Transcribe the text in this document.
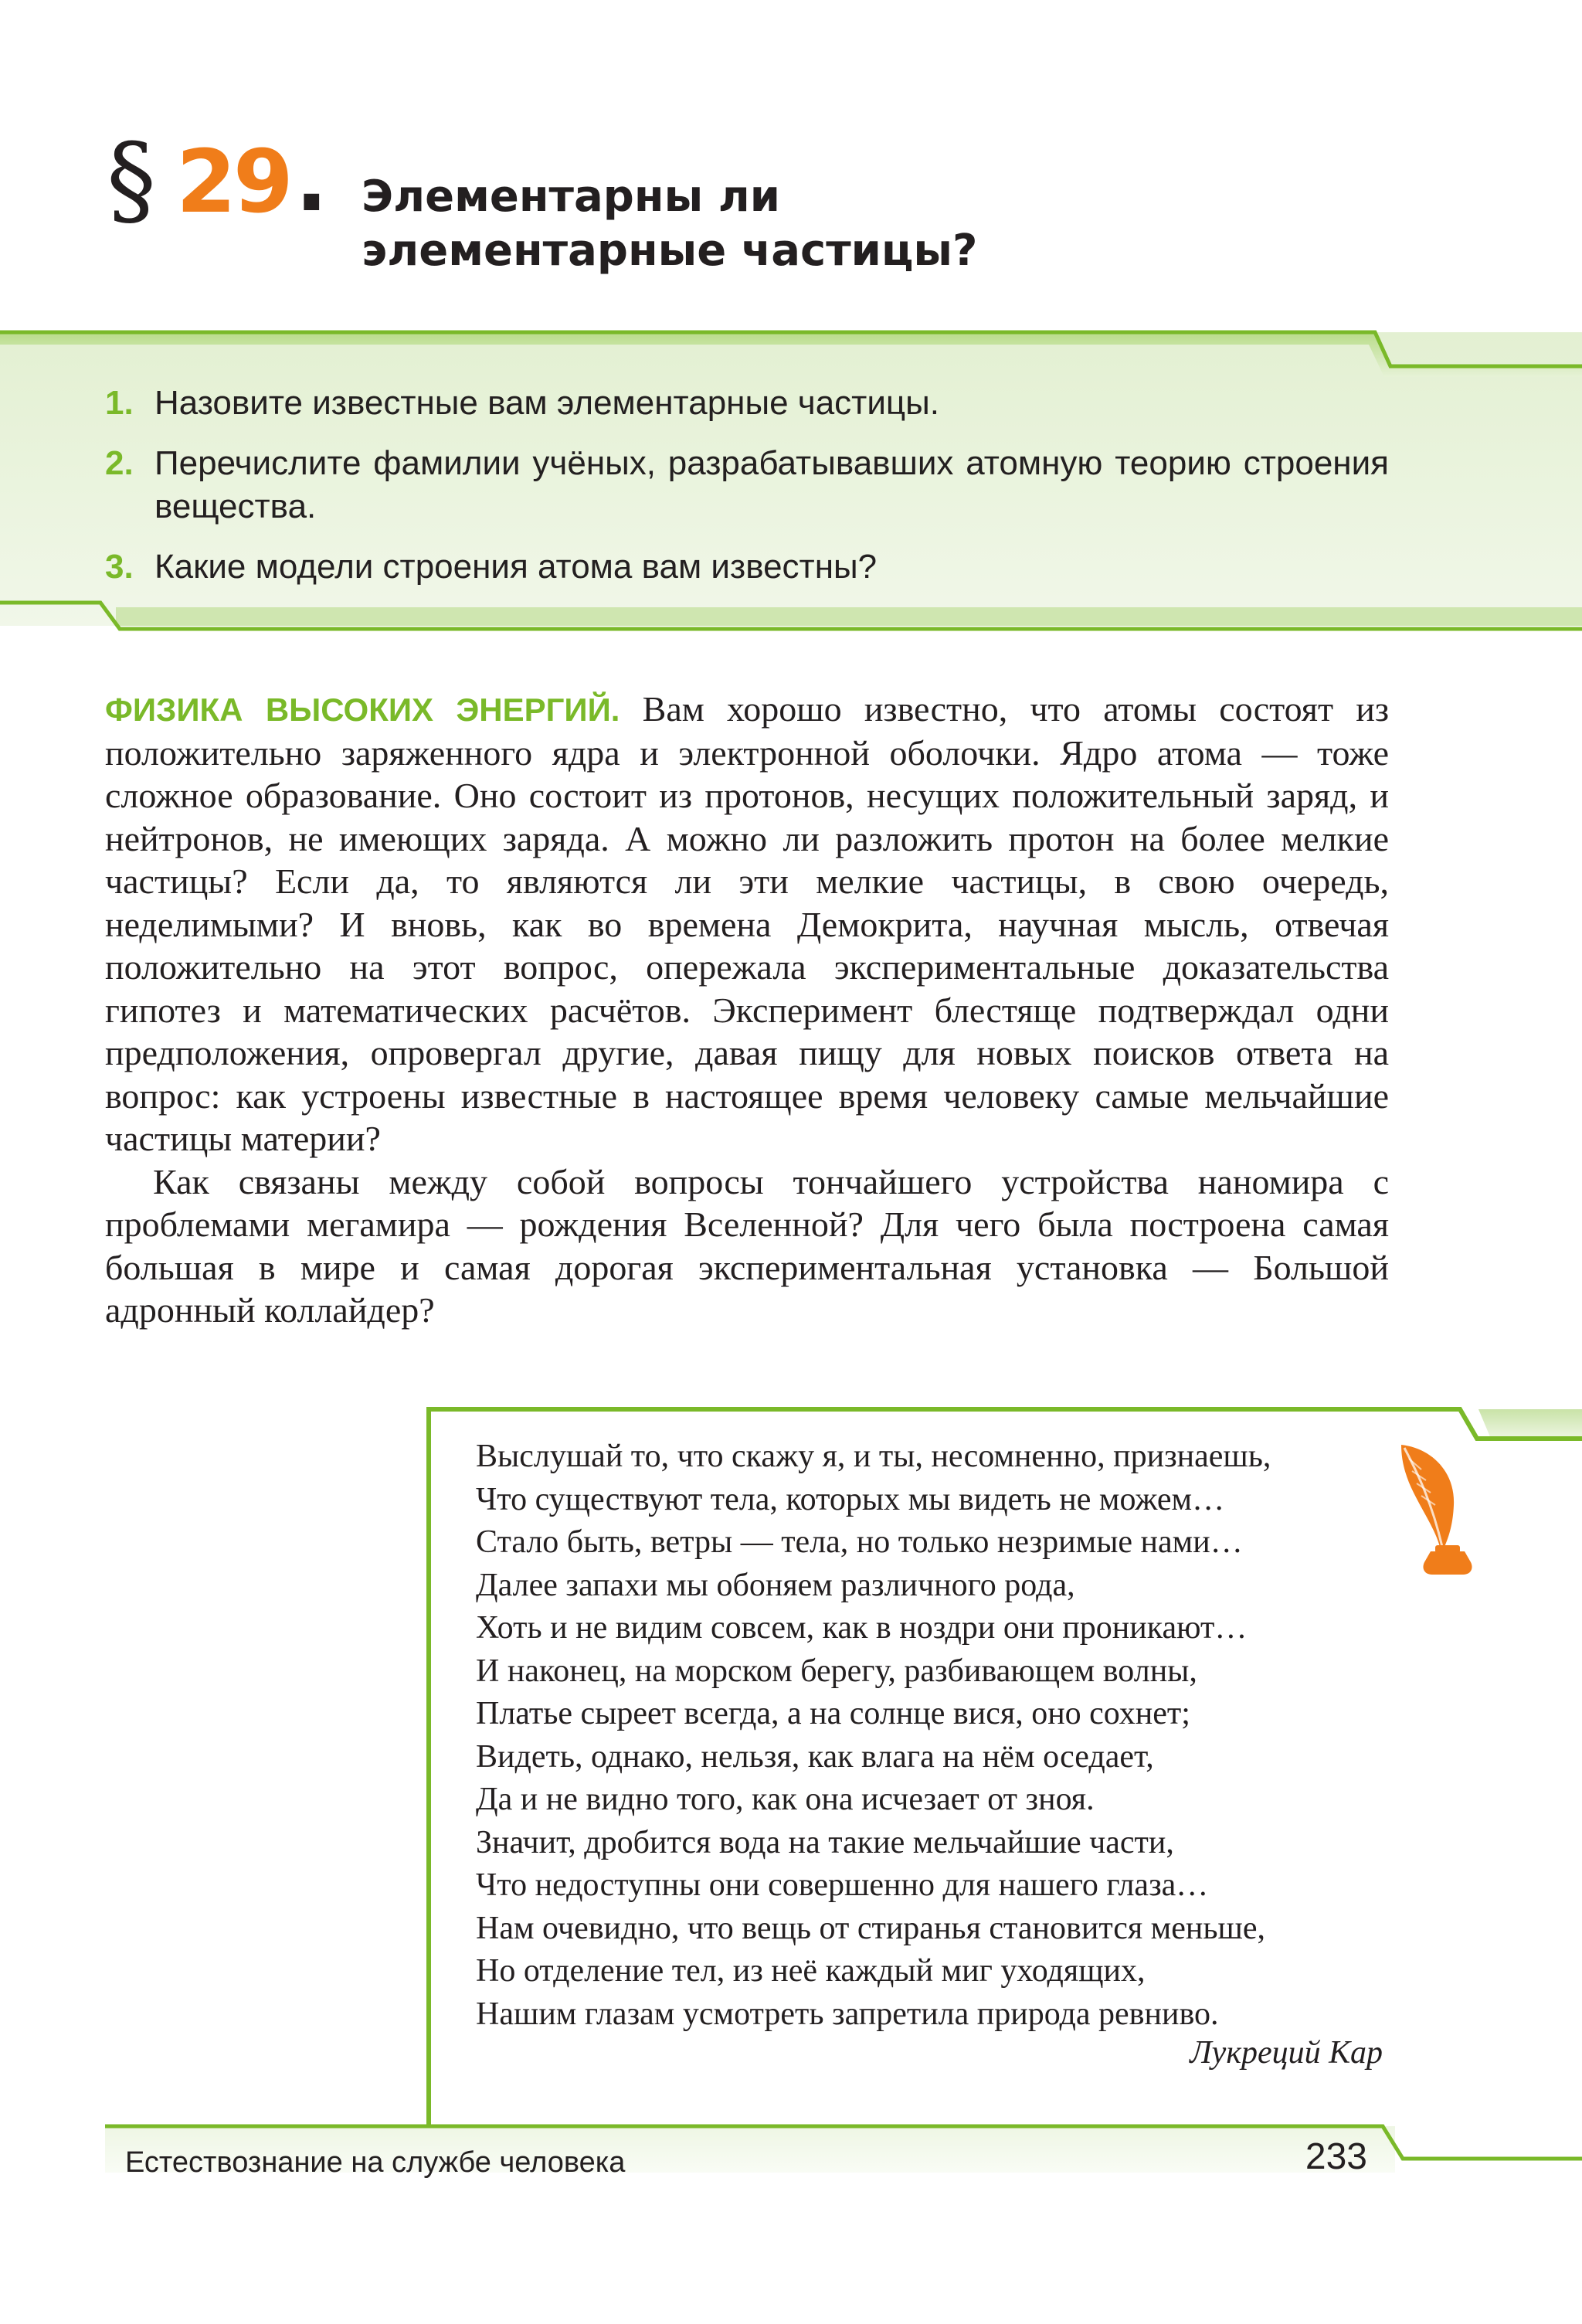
§ 29 . Элементарны ли
элементарные частицы?
1. Назовите известные вам элементарные частицы.
2. Перечислите фамилии учёных, разрабатывавших атомную теорию строения вещества.
3. Какие модели строения атома вам известны?

ФИЗИКА ВЫСОКИХ ЭНЕРГИЙ. Вам хорошо известно, что атомы состоят из положительно заряженного ядра и электронной оболочки. Ядро атома — тоже сложное образование. Оно состоит из протонов, несущих положительный заряд, и нейтронов, не имеющих заряда. А можно ли разложить протон на более мелкие частицы? Если да, то являются ли эти мелкие частицы, в свою очередь, неделимыми? И вновь, как во времена Демокрита, научная мысль, отвечая положительно на этот вопрос, опережала экспериментальные доказательства гипотез и математических расчётов. Эксперимент блестяще подтверждал одни предположения, опровергал другие, давая пищу для новых поисков ответа на вопрос: как устроены известные в настоящее время человеку самые мельчайшие частицы материи?

Как связаны между собой вопросы тончайшего устройства наномира с проблемами мегамира — рождения Вселенной? Для чего была построена самая большая в мире и самая дорогая экспериментальная установка — Большой адронный коллайдер?

Выслушай то, что скажу я, и ты, несомненно, признаешь,
Что существуют тела, которых мы видеть не можем…
Стало быть, ветры — тела, но только незримые нами…
Далее запахи мы обоняем различного рода,
Хоть и не видим совсем, как в ноздри они проникают…
И наконец, на морском берегу, разбивающем волны,
Платье сыреет всегда, а на солнце вися, оно сохнет;
Видеть, однако, нельзя, как влага на нём оседает,
Да и не видно того, как она исчезает от зноя.
Значит, дробится вода на такие мельчайшие части,
Что недоступны они совершенно для нашего глаза…
Нам очевидно, что вещь от стиранья становится меньше,
Но отделение тел, из неё каждый миг уходящих,
Нашим глазам усмотреть запретила природа ревниво.
Лукреций Кар
Естествознание на службе человека	233
